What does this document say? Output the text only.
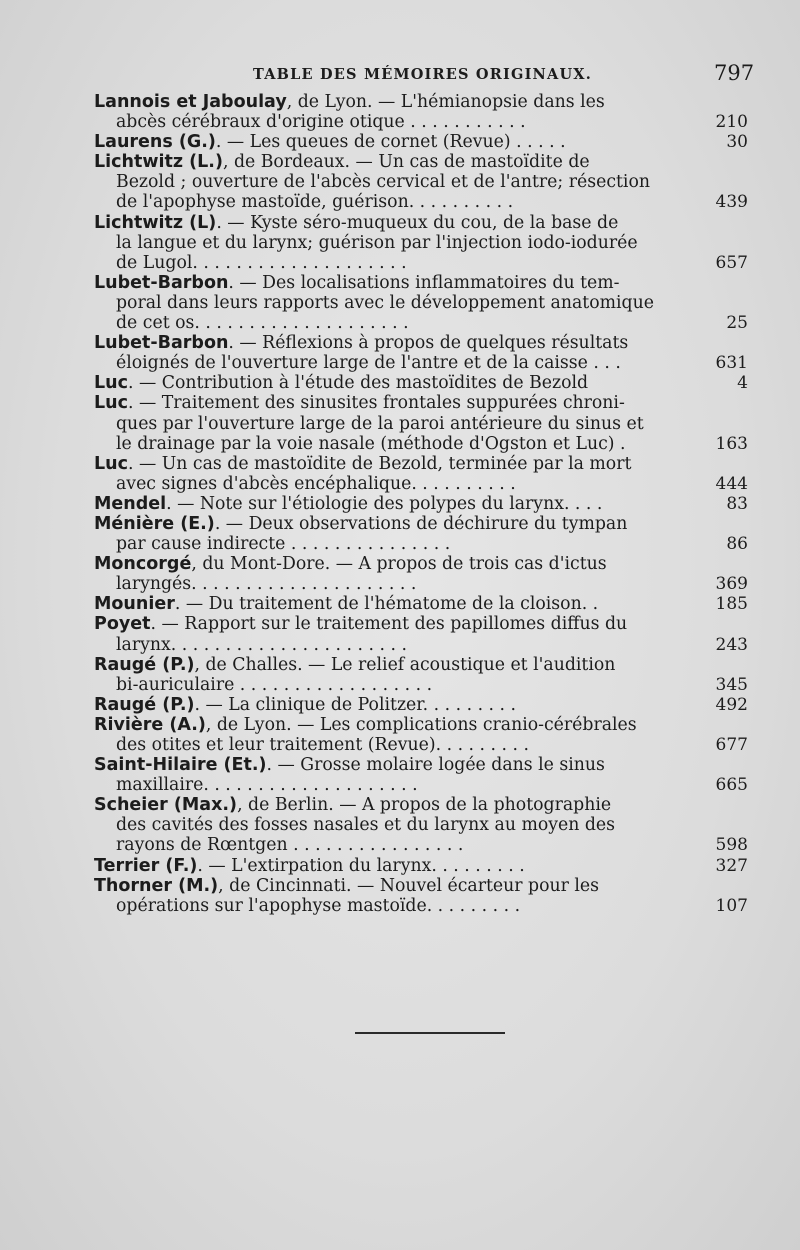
TABLE DES MÉMOIRES ORIGINAUX.	797
Lannois et Jaboulay, de Lyon. — L'hémianopsie dans les
abcès cérébraux d'origine otique . . . . . . . . . . .	210
Laurens (G.). — Les queues de cornet (Revue) . . . . .	30
Lichtwitz (L.), de Bordeaux. — Un cas de mastoïdite de
Bezold ; ouverture de l'abcès cervical et de l'antre; résection
de l'apophyse mastoïde, guérison. . . . . . . . . .	439
Lichtwitz (L). — Kyste séro-muqueux du cou, de la base de
la langue et du larynx; guérison par l'injection iodo-iodurée
de Lugol. . . . . . . . . . . . . . . . . . . .	657
Lubet-Barbon. — Des localisations inflammatoires du tem-
poral dans leurs rapports avec le développement anatomique
de cet os. . . . . . . . . . . . . . . . . . . .	25
Lubet-Barbon. — Réflexions à propos de quelques résultats
éloignés de l'ouverture large de l'antre et de la caisse . . .	631
Luc. — Contribution à l'étude des mastoïdites de Bezold	4
Luc. — Traitement des sinusites frontales suppurées chroni-
ques par l'ouverture large de la paroi antérieure du sinus et
le drainage par la voie nasale (méthode d'Ogston et Luc) .	163
Luc. — Un cas de mastoïdite de Bezold, terminée par la mort
avec signes d'abcès encéphalique. . . . . . . . . .	444
Mendel. — Note sur l'étiologie des polypes du larynx. . . .	83
Ménière (E.). — Deux observations de déchirure du tympan
par cause indirecte . . . . . . . . . . . . . . .	86
Moncorgé, du Mont-Dore. — A propos de trois cas d'ictus
laryngés. . . . . . . . . . . . . . . . . . . . .	369
Mounier. — Du traitement de l'hématome de la cloison. .	185
Poyet. — Rapport sur le traitement des papillomes diffus du
larynx. . . . . . . . . . . . . . . . . . . . . .	243
Raugé (P.), de Challes. — Le relief acoustique et l'audition
bi-auriculaire . . . . . . . . . . . . . . . . . .	345
Raugé (P.). — La clinique de Politzer. . . . . . . . .	492
Rivière (A.), de Lyon. — Les complications cranio-cérébrales
des otites et leur traitement (Revue). . . . . . . . .	677
Saint-Hilaire (Et.). — Grosse molaire logée dans le sinus
maxillaire. . . . . . . . . . . . . . . . . . . .	665
Scheier (Max.), de Berlin. — A propos de la photographie
des cavités des fosses nasales et du larynx au moyen des
rayons de Rœntgen . . . . . . . . . . . . . . . .	598
Terrier (F.). — L'extirpation du larynx. . . . . . . . .	327
Thorner (M.), de Cincinnati. — Nouvel écarteur pour les
opérations sur l'apophyse mastoïde. . . . . . . . .	107
